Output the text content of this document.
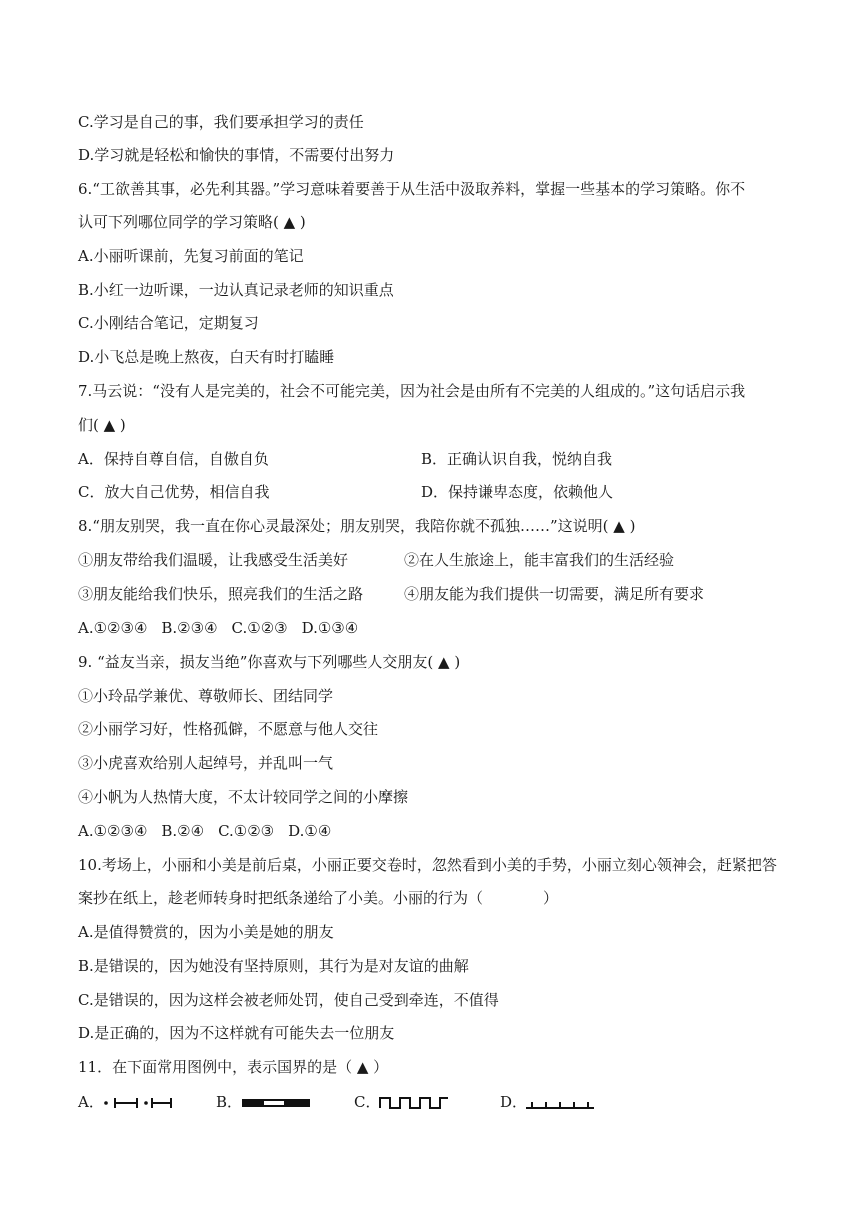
C.学习是自己的事，我们要承担学习的责任
D.学习就是轻松和愉快的事情，不需要付出努力
6.“工欲善其事，必先利其器。”学习意味着要善于从生活中汲取养料，掌握一些基本的学习策略。你不
认可下列哪位同学的学习策略( ▲ )
A.小丽听课前，先复习前面的笔记
B.小红一边听课，一边认真记录老师的知识重点
C.小刚结合笔记，定期复习
D.小飞总是晚上熬夜，白天有时打瞌睡
7.马云说：“没有人是完美的，社会不可能完美，因为社会是由所有不完美的人组成的。”这句话启示我
们( ▲ )
A．保持自尊自信，自傲自负	B．正确认识自我，悦纳自我
C．放大自己优势，相信自我	D．保持谦卑态度，依赖他人
8.“朋友别哭，我一直在你心灵最深处；朋友别哭，我陪你就不孤独……”这说明( ▲ )
①朋友带给我们温暖，让我感受生活美好	②在人生旅途上，能丰富我们的生活经验
③朋友能给我们快乐，照亮我们的生活之路	④朋友能为我们提供一切需要，满足所有要求
A.①②③④ B.②③④ C.①②③ D.①③④
9. “益友当亲，损友当绝”你喜欢与下列哪些人交朋友( ▲ )
①小玲品学兼优、尊敬师长、团结同学
②小丽学习好，性格孤僻，不愿意与他人交往
③小虎喜欢给别人起绰号，并乱叫一气
④小帆为人热情大度，不太计较同学之间的小摩擦
A.①②③④ B.②④ C.①②③ D.①④
10.考场上，小丽和小美是前后桌，小丽正要交卷时，忽然看到小美的手势，小丽立刻心领神会，赶紧把答
案抄在纸上，趁老师转身时把纸条递给了小美。小丽的行为（　　　　）
A.是值得赞赏的，因为小美是她的朋友
B.是错误的，因为她没有坚持原则，其行为是对友谊的曲解
C.是错误的，因为这样会被老师处罚，使自己受到牵连，不值得
D.是正确的，因为不这样就有可能失去一位朋友
11．在下面常用图例中，表示国界的是（ ▲ ）
A．	B．	C．	D．
